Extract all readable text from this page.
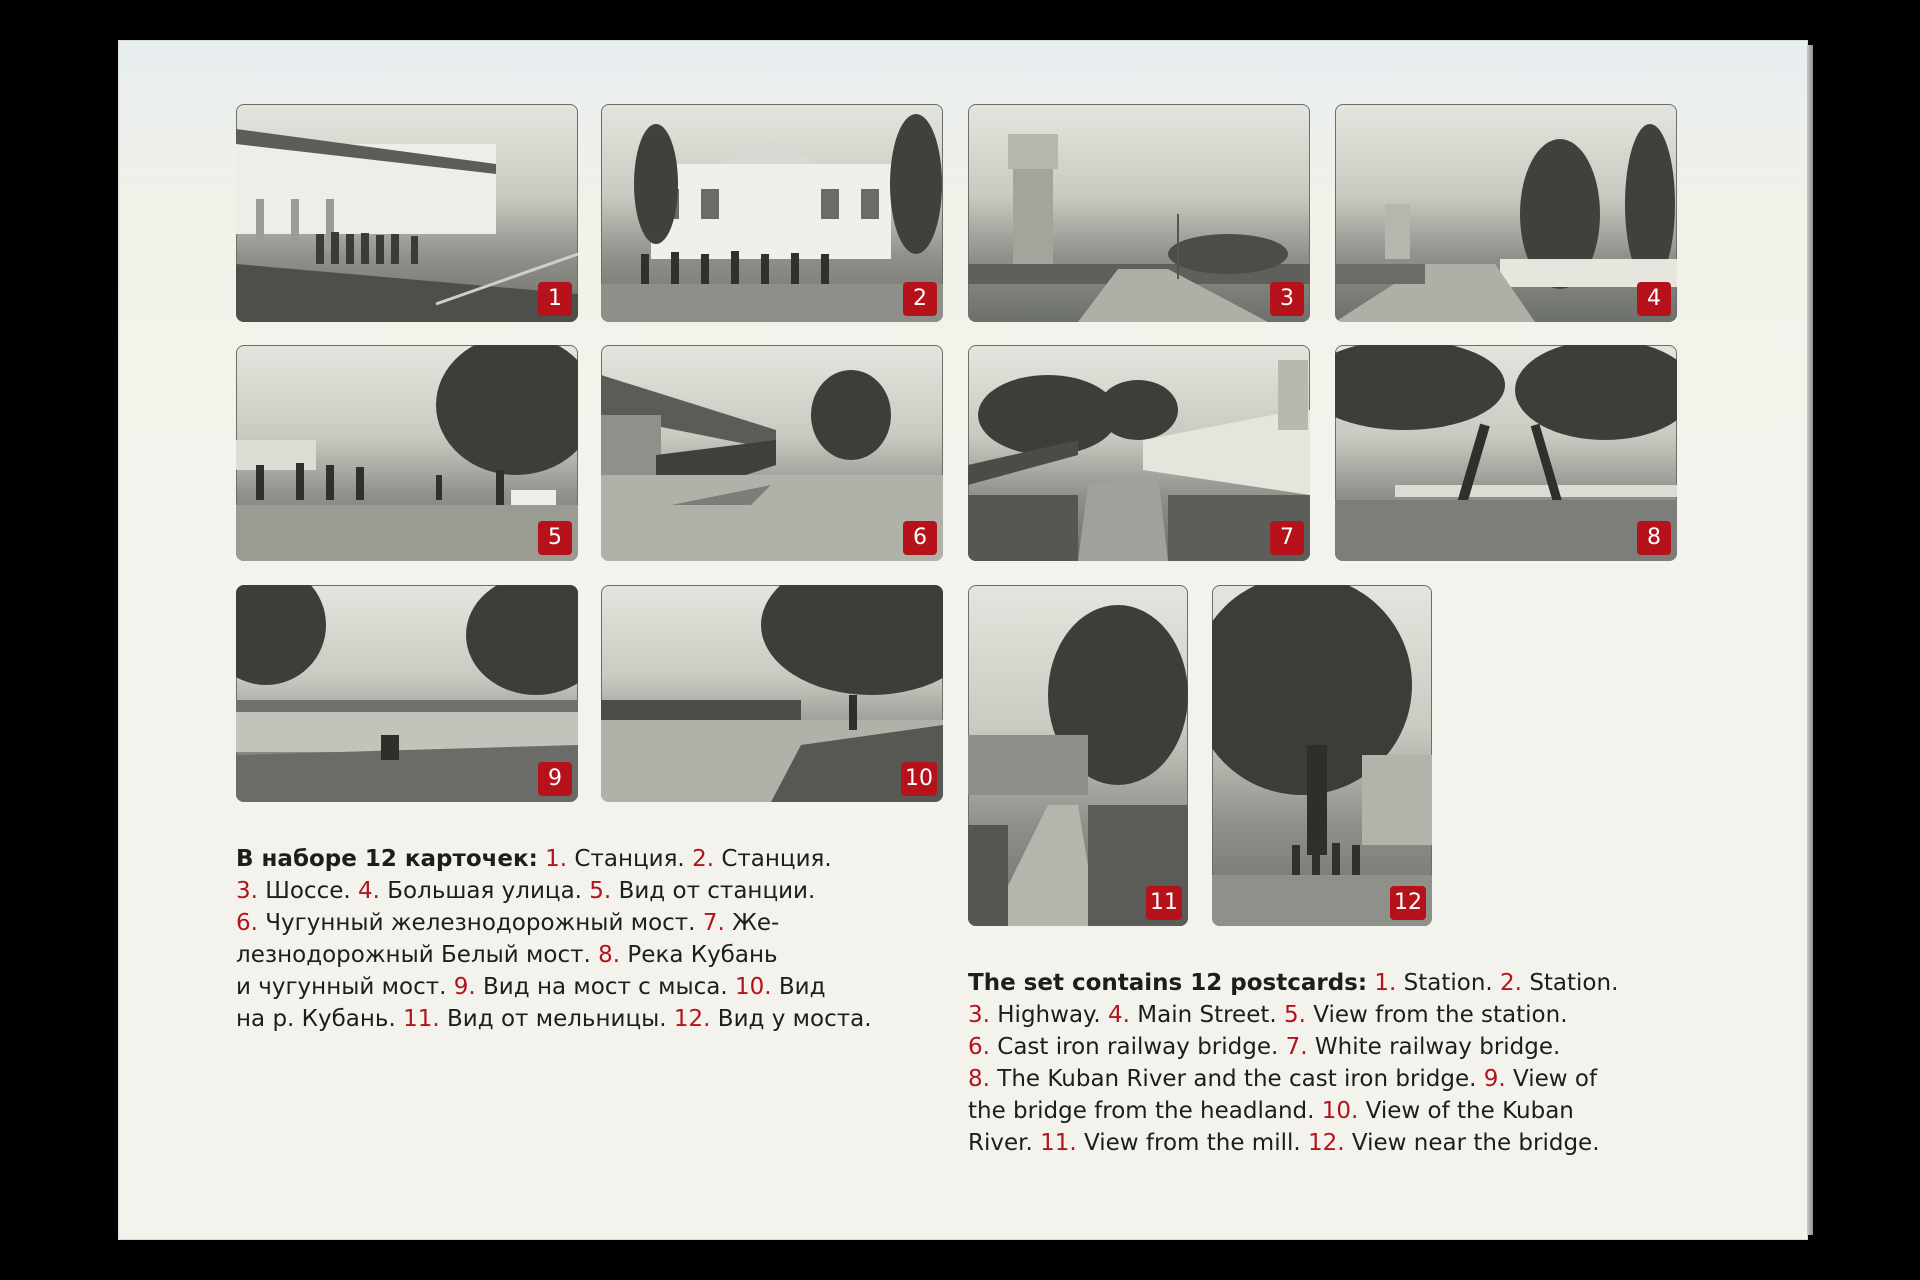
1	2	3	4
5	6	7	8
9	10
11	12
В наборе 12 карточек: 1. Станция. 2. Станция.
3. Шоссе. 4. Большая улица. 5. Вид от станции.
6. Чугунный железнодорожный мост. 7. Же-
лезнодорожный Белый мост. 8. Река Кубань
и чугунный мост. 9. Вид на мост с мыса. 10. Вид
на р. Кубань. 11. Вид от мельницы. 12. Вид у моста.
The set contains 12 postcards: 1. Station. 2. Station.
3. Highway. 4. Main Street. 5. View from the station.
6. Cast iron railway bridge. 7. White railway bridge.
8. The Kuban River and the cast iron bridge. 9. View of
the bridge from the headland. 10. View of the Kuban
River. 11. View from the mill. 12. View near the bridge.
